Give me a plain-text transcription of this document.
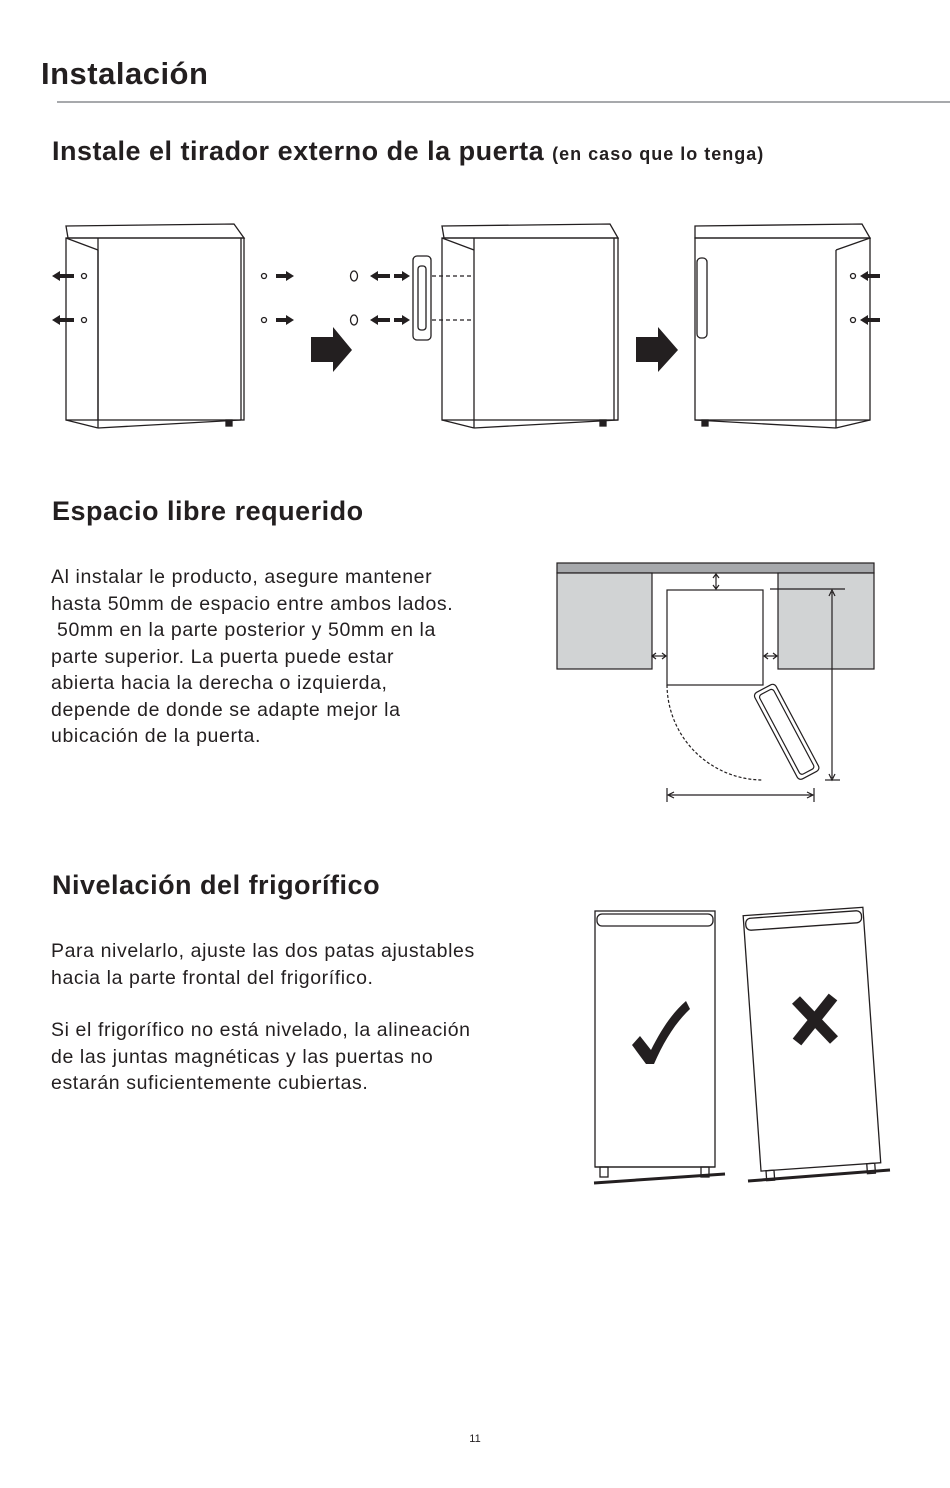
Instalación
Instale el tirador externo de la puerta (en caso que lo tenga)
Espacio libre requerido

Al instalar le producto, asegure mantener

hasta 50mm de espacio entre ambos lados.

50mm en la parte posterior y 50mm en la

parte superior. La puerta puede estar

abierta hacia la derecha o izquierda,

depende de donde se adapte mejor la

ubicación de la puerta.

Nivelación del frigorífico

Para nivelarlo, ajuste las dos patas ajustables

hacia la parte frontal del frigorífico.

Si el frigorífico no está nivelado, la alineación

de las juntas magnéticas y las puertas no

estarán suficientemente cubiertas.

11
